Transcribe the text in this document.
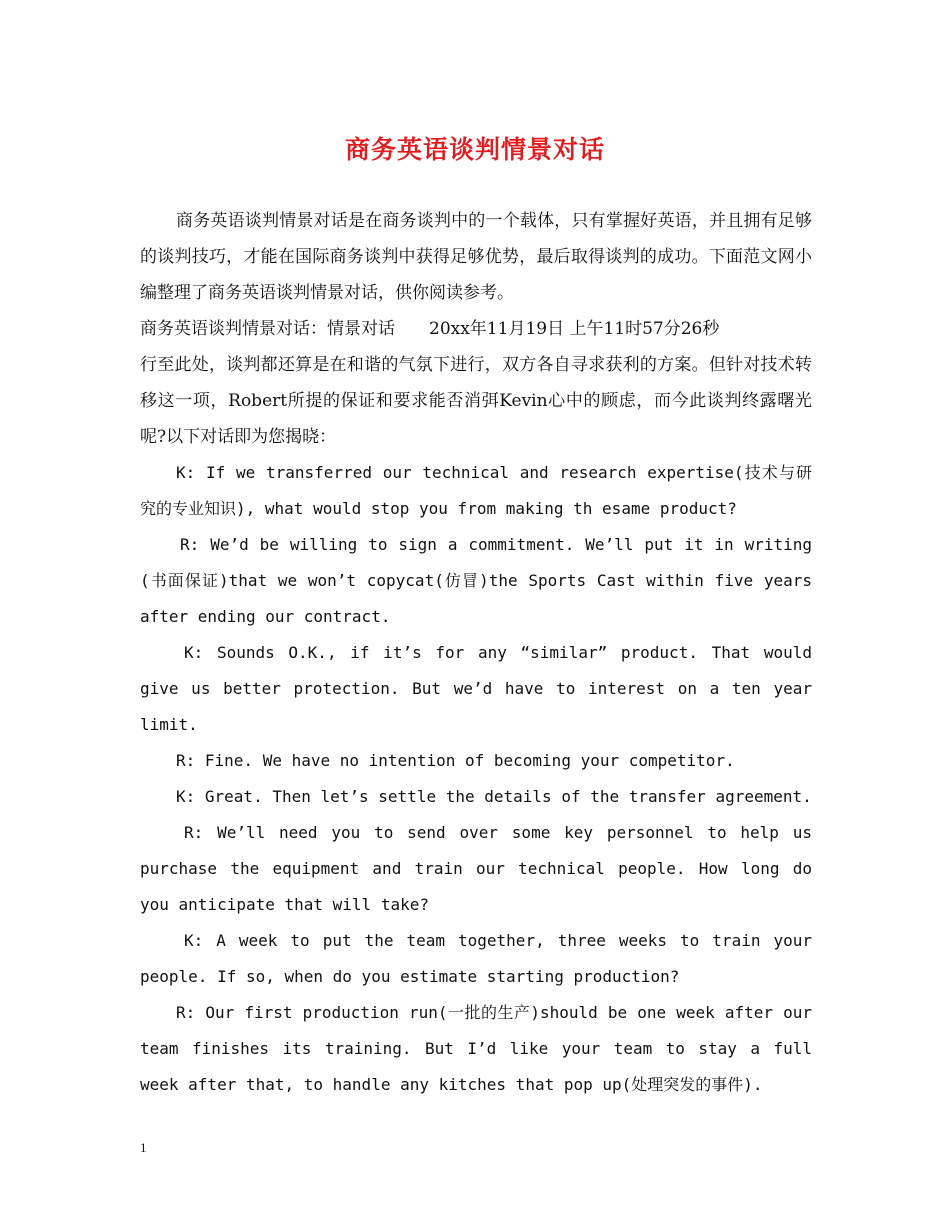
商务英语谈判情景对话

商务英语谈判情景对话是在商务谈判中的一个载体，只有掌握好英语，并且拥有足够的谈判技巧，才能在国际商务谈判中获得足够优势，最后取得谈判的成功。下面范文网小编整理了商务英语谈判情景对话，供你阅读参考。

商务英语谈判情景对话：情景对话　　20xx年11月19日 上午11时57分26秒

行至此处，谈判都还算是在和谐的气氛下进行，双方各自寻求获利的方案。但针对技术转移这一项，Robert所提的保证和要求能否消弭Kevin心中的顾虑，而今此谈判终露曙光呢?以下对话即为您揭晓：

K: If we transferred our technical and research expertise(技术与研究的专业知识), what would stop you from making th esame product?

R: We’d be willing to sign a commitment. We’ll put it in writing (书面保证)that we won’t copycat(仿冒)the Sports Cast within five years after ending our contract.

K: Sounds O.K., if it’s for any “similar” product. That would give us better protection. But we’d have to interest on a ten year limit.

R: Fine. We have no intention of becoming your competitor.

K: Great. Then let’s settle the details of the transfer agreement.

R: We’ll need you to send over some key personnel to help us purchase the equipment and train our technical people. How long do you anticipate that will take?

K: A week to put the team together, three weeks to train your people. If so, when do you estimate starting production?

R: Our first production run(一批的生产)should be one week after our team finishes its training. But I’d like your team to stay a full week after that, to handle any kitches that pop up(处理突发的事件).

1
